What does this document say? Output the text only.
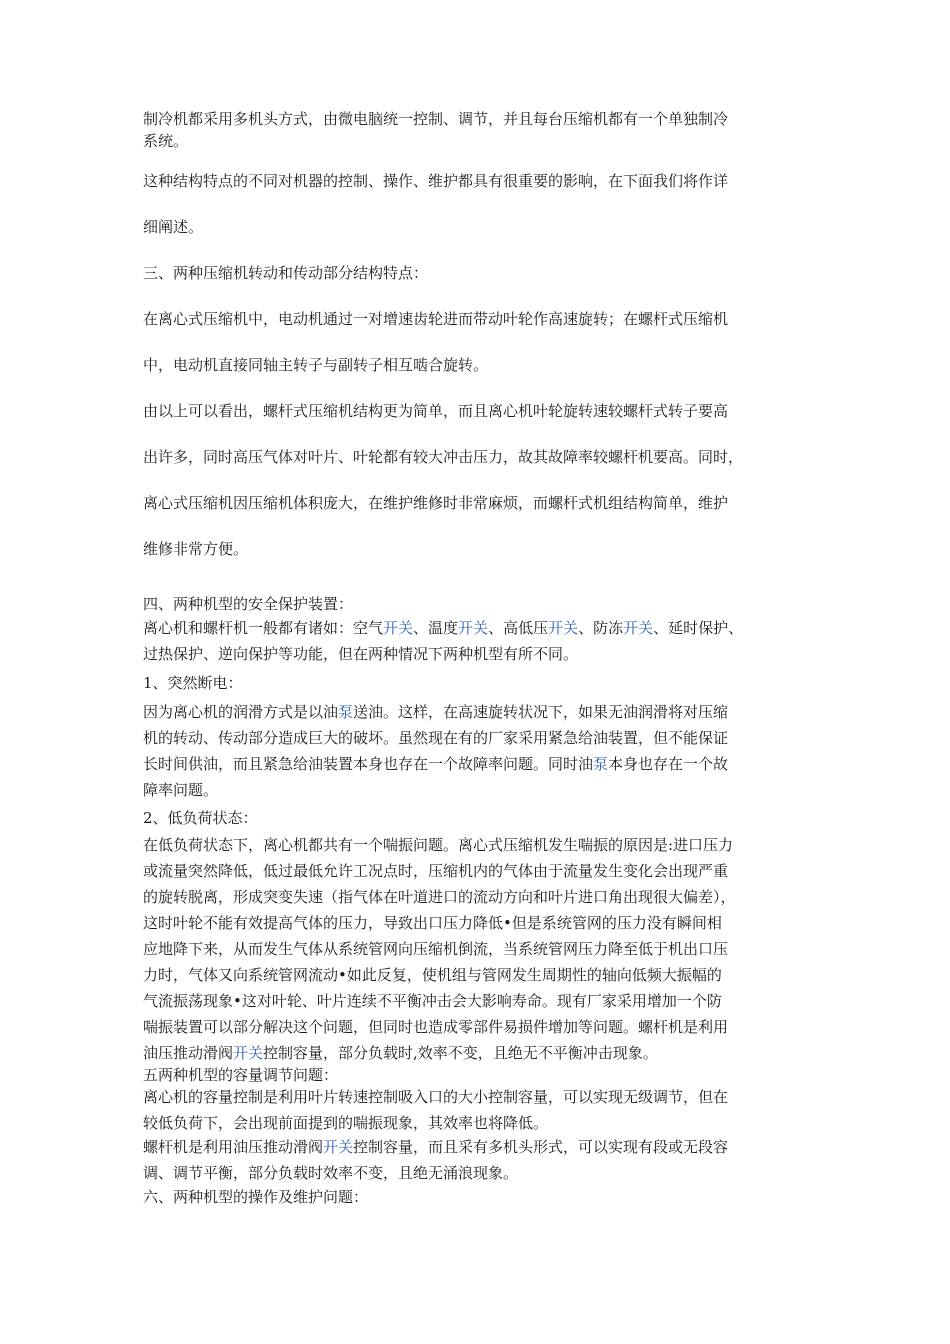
制冷机都采用多机头方式，由微电脑统一控制、调节，并且每台压缩机都有一个单独制冷
系统。
这种结构特点的不同对机器的控制、操作、维护都具有很重要的影响，在下面我们将作详
细阐述。
三、两种压缩机转动和传动部分结构特点：
在离心式压缩机中，电动机通过一对增速齿轮进而带动叶轮作高速旋转；在螺杆式压缩机
中，电动机直接同轴主转子与副转子相互啮合旋转。
由以上可以看出，螺杆式压缩机结构更为简单，而且离心机叶轮旋转速较螺杆式转子要高
出许多，同时高压气体对叶片、叶轮都有较大冲击压力，故其故障率较螺杆机要高。同时，
离心式压缩机因压缩机体积庞大，在维护维修时非常麻烦，而螺杆式机组结构简单，维护
维修非常方便。
四、两种机型的安全保护装置：
离心机和螺杆机一般都有诸如：空气开关、温度开关、高低压开关、防冻开关、延时保护、
过热保护、逆向保护等功能，但在两种情况下两种机型有所不同。
1、突然断电：
因为离心机的润滑方式是以油泵送油。这样，在高速旋转状况下，如果无油润滑将对压缩
机的转动、传动部分造成巨大的破坏。虽然现在有的厂家采用紧急给油装置，但不能保证
长时间供油，而且紧急给油装置本身也存在一个故障率问题。同时油泵本身也存在一个故
障率问题。
2、低负荷状态：
在低负荷状态下，离心机都共有一个喘振问题。离心式压缩机发生喘振的原因是:进口压力
或流量突然降低，低过最低允许工况点时，压缩机内的气体由于流量发生变化会出现严重
的旋转脱离，形成突变失速（指气体在叶道进口的流动方向和叶片进口角出现很大偏差），
这时叶轮不能有效提高气体的压力，导致出口压力降低•但是系统管网的压力没有瞬间相
应地降下来，从而发生气体从系统管网向压缩机倒流，当系统管网压力降至低于机出口压
力时，气体又向系统管网流动•如此反复，使机组与管网发生周期性的轴向低频大振幅的
气流振荡现象•这对叶轮、叶片连续不平衡冲击会大影响寿命。现有厂家采用增加一个防
喘振装置可以部分解决这个问题，但同时也造成零部件易损件增加等问题。螺杆机是利用
油压推动滑阀开关控制容量，部分负载时,效率不变，且绝无不平衡冲击现象。
五两种机型的容量调节问题：
离心机的容量控制是利用叶片转速控制吸入口的大小控制容量，可以实现无级调节，但在
较低负荷下，会出现前面提到的喘振现象，其效率也将降低。
螺杆机是利用油压推动滑阀开关控制容量，而且采有多机头形式，可以实现有段或无段容
调、调节平衡，部分负载时效率不变，且绝无涌浪现象。
六、两种机型的操作及维护问题：
